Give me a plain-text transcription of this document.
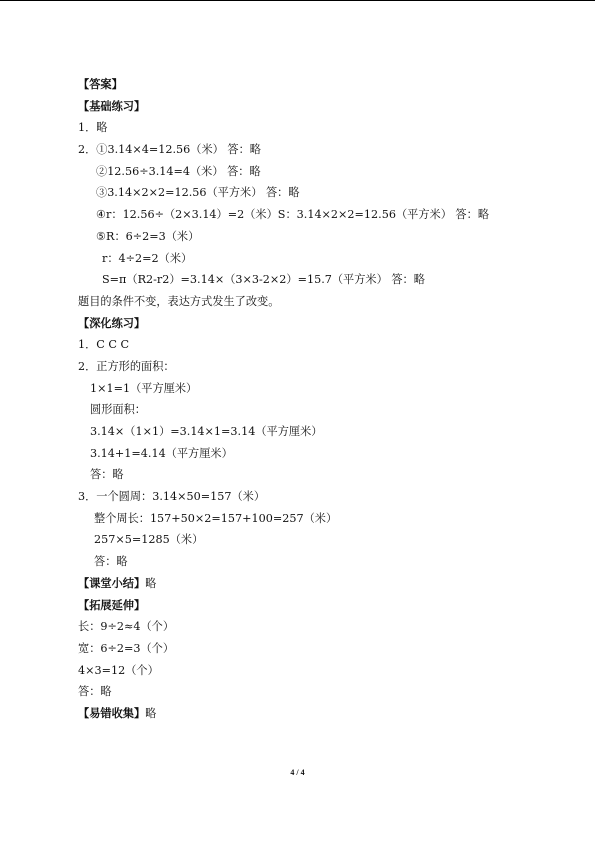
【答案】
【基础练习】
1．略
2．①3.14×4=12.56（米） 答：略
②12.56÷3.14=4（米） 答：略
③3.14×2×2=12.56（平方米） 答：略
④r：12.56÷（2×3.14）=2（米）S：3.14×2×2=12.56（平方米） 答：略
⑤R：6÷2=3（米）
r：4÷2=2（米）
S=π（R2-r2）=3.14×（3×3-2×2）=15.7（平方米） 答：略
题目的条件不变，表达方式发生了改变。
【深化练习】
1．C C C
2．正方形的面积：
1×1=1（平方厘米）
圆形面积：
3.14×（1×1）=3.14×1=3.14（平方厘米）
3.14+1=4.14（平方厘米）
答：略
3．一个圆周：3.14×50=157（米）
整个周长：157+50×2=157+100=257（米）
257×5=1285（米）
答：略
【课堂小结】略
【拓展延伸】
长：9÷2≈4（个）
宽：6÷2=3（个）
4×3=12（个）
答：略
【易错收集】略
4 / 4
